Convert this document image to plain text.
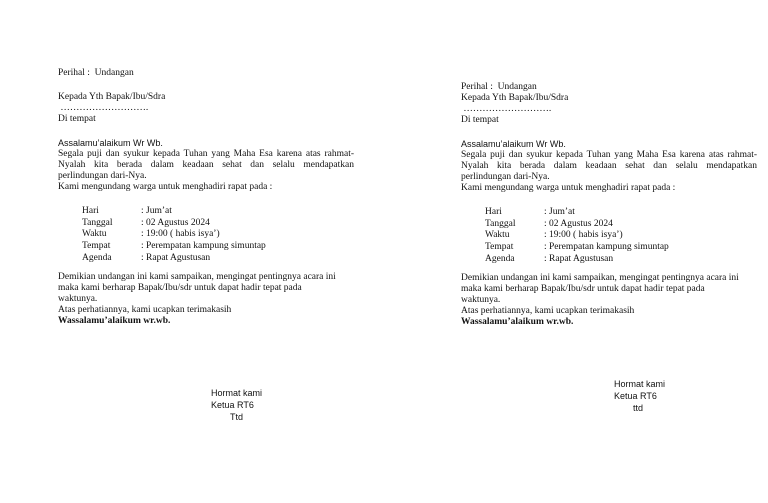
Perihal :  Undangan
Kepada Yth Bapak/Ibu/Sdra
……………………….
Di tempat
Assalamu’alaikum Wr Wb.
Segala puji dan syukur kepada Tuhan yang Maha Esa karena atas rahmat-Nyalah kita berada dalam keadaan sehat dan selalu mendapatkan perlindungan dari-Nya.
Kami mengundang warga untuk menghadiri rapat pada :
Hari	: Jum’at
Tanggal	: 02 Agustus 2024
Waktu	: 19:00 ( habis isya’)
Tempat	: Perempatan kampung simuntap
Agenda	: Rapat Agustusan
Demikian undangan ini kami sampaikan, mengingat pentingnya acara ini
maka kami berharap Bapak/Ibu/sdr untuk dapat hadir tepat pada
waktunya.
Atas perhatiannya, kami ucapkan terimakasih
Wassalamu’alaikum wr.wb.
Hormat kami
Ketua RT6
Ttd
Perihal :  Undangan
Kepada Yth Bapak/Ibu/Sdra
……………………….
Di tempat
Assalamu’alaikum Wr Wb.
Segala puji dan syukur kepada Tuhan yang Maha Esa karena atas rahmat-Nyalah kita berada dalam keadaan sehat dan selalu mendapatkan perlindungan dari-Nya.
Kami mengundang warga untuk menghadiri rapat pada :
Hari	: Jum’at
Tanggal	: 02 Agustus 2024
Waktu	: 19:00 ( habis isya’)
Tempat	: Perempatan kampung simuntap
Agenda	: Rapat Agustusan
Demikian undangan ini kami sampaikan, mengingat pentingnya acara ini
maka kami berharap Bapak/Ibu/sdr untuk dapat hadir tepat pada
waktunya.
Atas perhatiannya, kami ucapkan terimakasih
Wassalamu’alaikum wr.wb.
Hormat kami
Ketua RT6
ttd
